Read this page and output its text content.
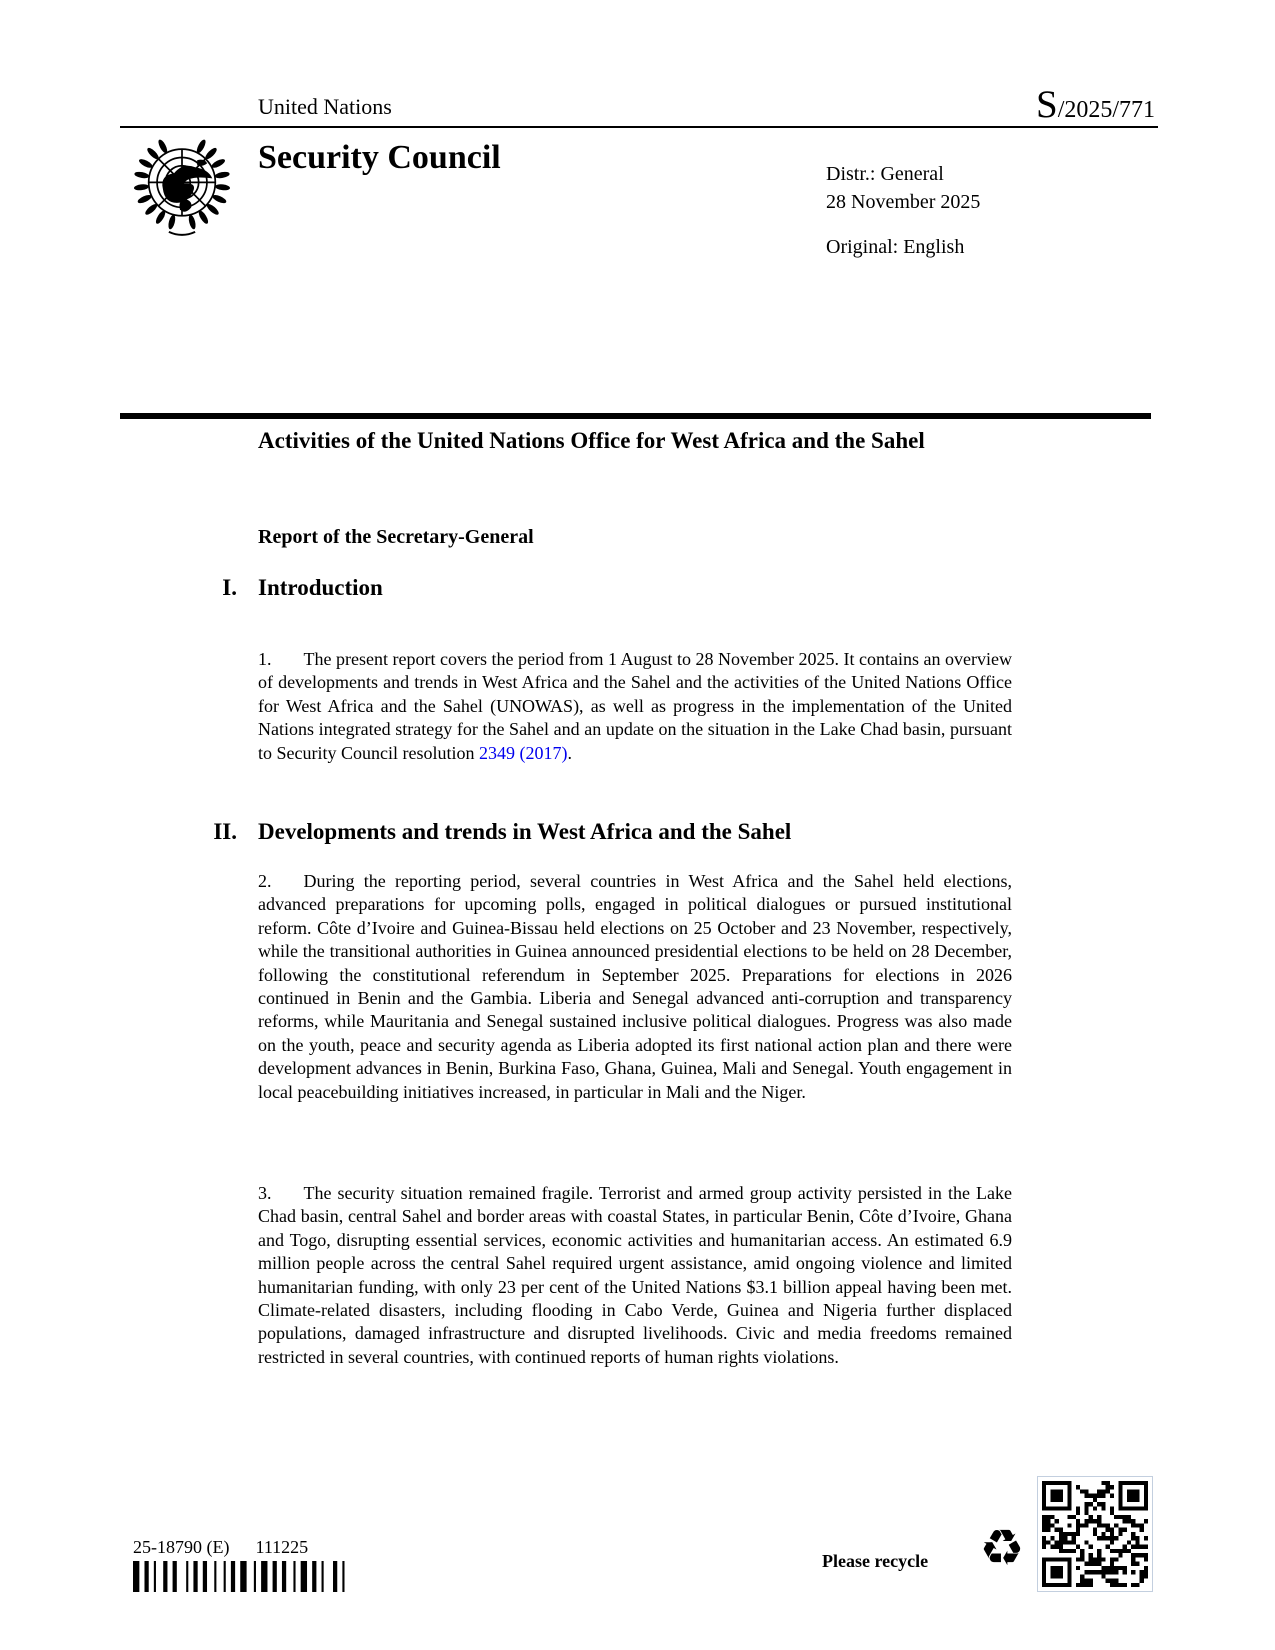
United Nations	S/2025/771
Security Council	Distr.: General
28 November 2025
Original: English
Activities of the United Nations Office for West Africa and the Sahel
Report of the Secretary-General
I. Introduction

1. The present report covers the period from 1 August to 28 November 2025. It contains an overview of developments and trends in West Africa and the Sahel and the activities of the United Nations Office for West Africa and the Sahel (UNOWAS), as well as progress in the implementation of the United Nations integrated strategy for the Sahel and an update on the situation in the Lake Chad basin, pursuant to Security Council resolution 2349 (2017).

II. Developments and trends in West Africa and the Sahel

2. During the reporting period, several countries in West Africa and the Sahel held elections, advanced preparations for upcoming polls, engaged in political dialogues or pursued institutional reform. Côte d’Ivoire and Guinea-Bissau held elections on 25 October and 23 November, respectively, while the transitional authorities in Guinea announced presidential elections to be held on 28 December, following the constitutional referendum in September 2025. Preparations for elections in 2026 continued in Benin and the Gambia. Liberia and Senegal advanced anti-corruption and transparency reforms, while Mauritania and Senegal sustained inclusive political dialogues. Progress was also made on the youth, peace and security agenda as Liberia adopted its first national action plan and there were development advances in Benin, Burkina Faso, Ghana, Guinea, Mali and Senegal. Youth engagement in local peacebuilding initiatives increased, in particular in Mali and the Niger.

3. The security situation remained fragile. Terrorist and armed group activity persisted in the Lake Chad basin, central Sahel and border areas with coastal States, in particular Benin, Côte d’Ivoire, Ghana and Togo, disrupting essential services, economic activities and humanitarian access. An estimated 6.9 million people across the central Sahel required urgent assistance, amid ongoing violence and limited humanitarian funding, with only 23 per cent of the United Nations $3.1 billion appeal having been met. Climate-related disasters, including flooding in Cabo Verde, Guinea and Nigeria further displaced populations, damaged infrastructure and disrupted livelihoods. Civic and media freedoms remained restricted in several countries, with continued reports of human rights violations.

25-18790 (E) 111225
Please recycle ♻
